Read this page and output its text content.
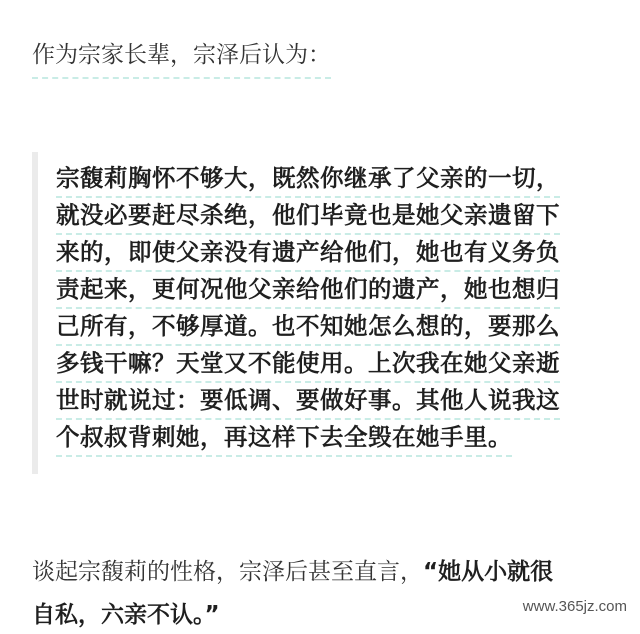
作为宗家长辈，宗泽后认为：
宗馥莉胸怀不够大，既然你继承了父亲的一切，
就没必要赶尽杀绝，他们毕竟也是她父亲遗留下
来的，即使父亲没有遗产给他们，她也有义务负
责起来，更何况他父亲给他们的遗产，她也想归
己所有，不够厚道。也不知她怎么想的，要那么
多钱干嘛？天堂又不能使用。上次我在她父亲逝
世时就说过：要低调、要做好事。其他人说我这
个叔叔背刺她，再这样下去全毁在她手里。
谈起宗馥莉的性格，宗泽后甚至直言，“她从小就很
自私，六亲不认。”	www.365jz.com
